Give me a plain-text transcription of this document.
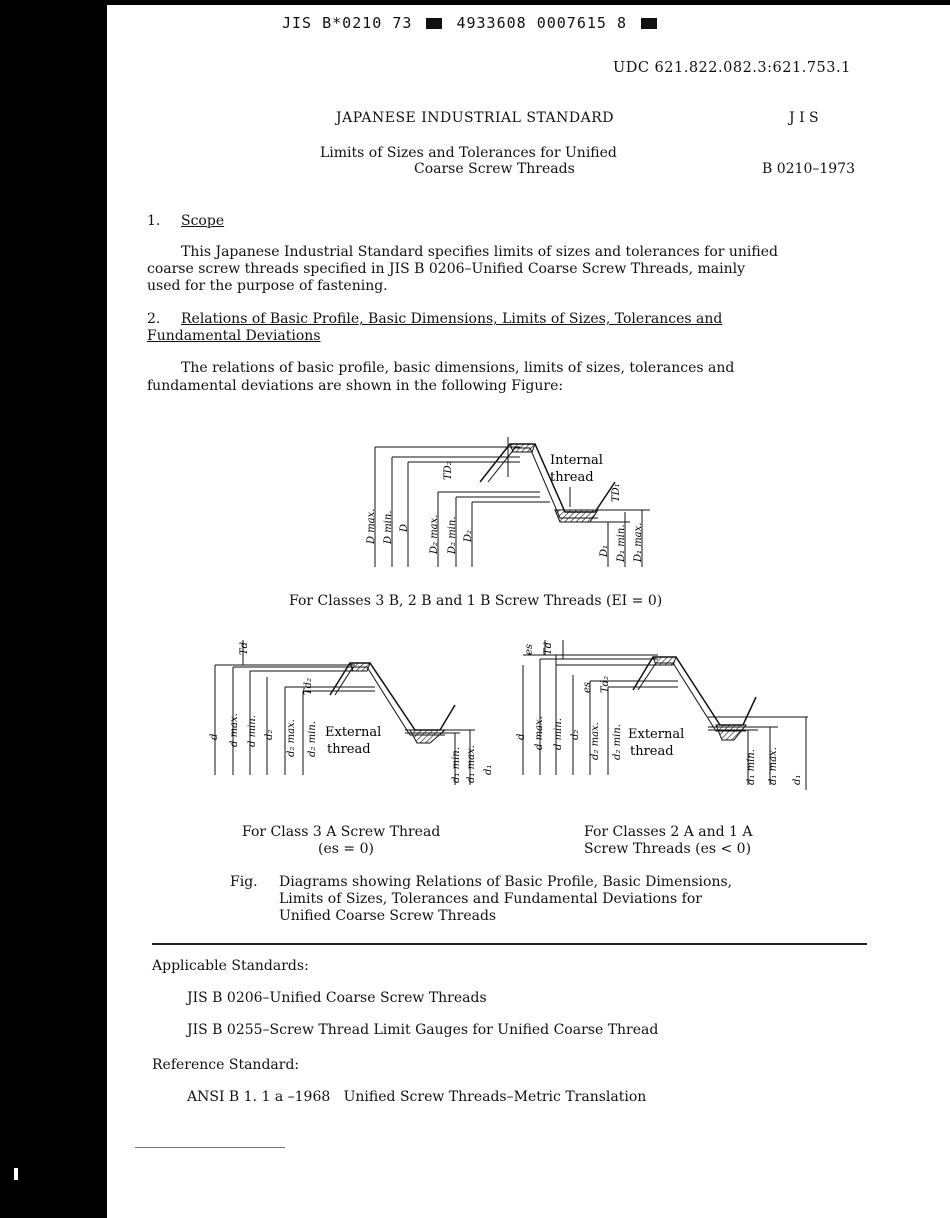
JIS B*0210 73	4933608 0007615 8
UDC 621.822.082.3:621.753.1
JAPANESE INDUSTRIAL STANDARD	J I S
Limits of Sizes and Tolerances for Unified
Coarse Screw Threads	B 0210–1973
1. Scope
This Japanese Industrial Standard specifies limits of sizes and tolerances for unified
coarse screw threads specified in JIS B 0206–Unified Coarse Screw Threads, mainly
used for the purpose of fastening.
2. Relations of Basic Profile, Basic Dimensions, Limits of Sizes, Tolerances and
Fundamental Deviations
The relations of basic profile, basic dimensions, limits of sizes, tolerances and
fundamental deviations are shown in the following Figure:
Internal
thread
D max. D min. D D₂ max. D₂ min. D₂
TD₂
TD₁
D₁ D₁ min. D₁ max.
For Classes 3 B, 2 B and 1 B Screw Threads (EI = 0)
External
thread
d d max. d min. d₂ d₂ max. d₂ min.
Td
Td₂
d₁ min. d₁ max. d₁
External
thread
d d max. d min. d₂ d₂ max. d₂ min.
es Td
es Td₂
d₁ min. d₁ max. d₁
For Class 3 A Screw Thread
(es = 0)
For Classes 2 A and 1 A
Screw Threads (es < 0)
Fig. Diagrams showing Relations of Basic Profile, Basic Dimensions,
Limits of Sizes, Tolerances and Fundamental Deviations for
Unified Coarse Screw Threads
Applicable Standards:
JIS B 0206–Unified Coarse Screw Threads
JIS B 0255–Screw Thread Limit Gauges for Unified Coarse Thread
Reference Standard:
ANSI B 1. 1 a –1968   Unified Screw Threads–Metric Translation
